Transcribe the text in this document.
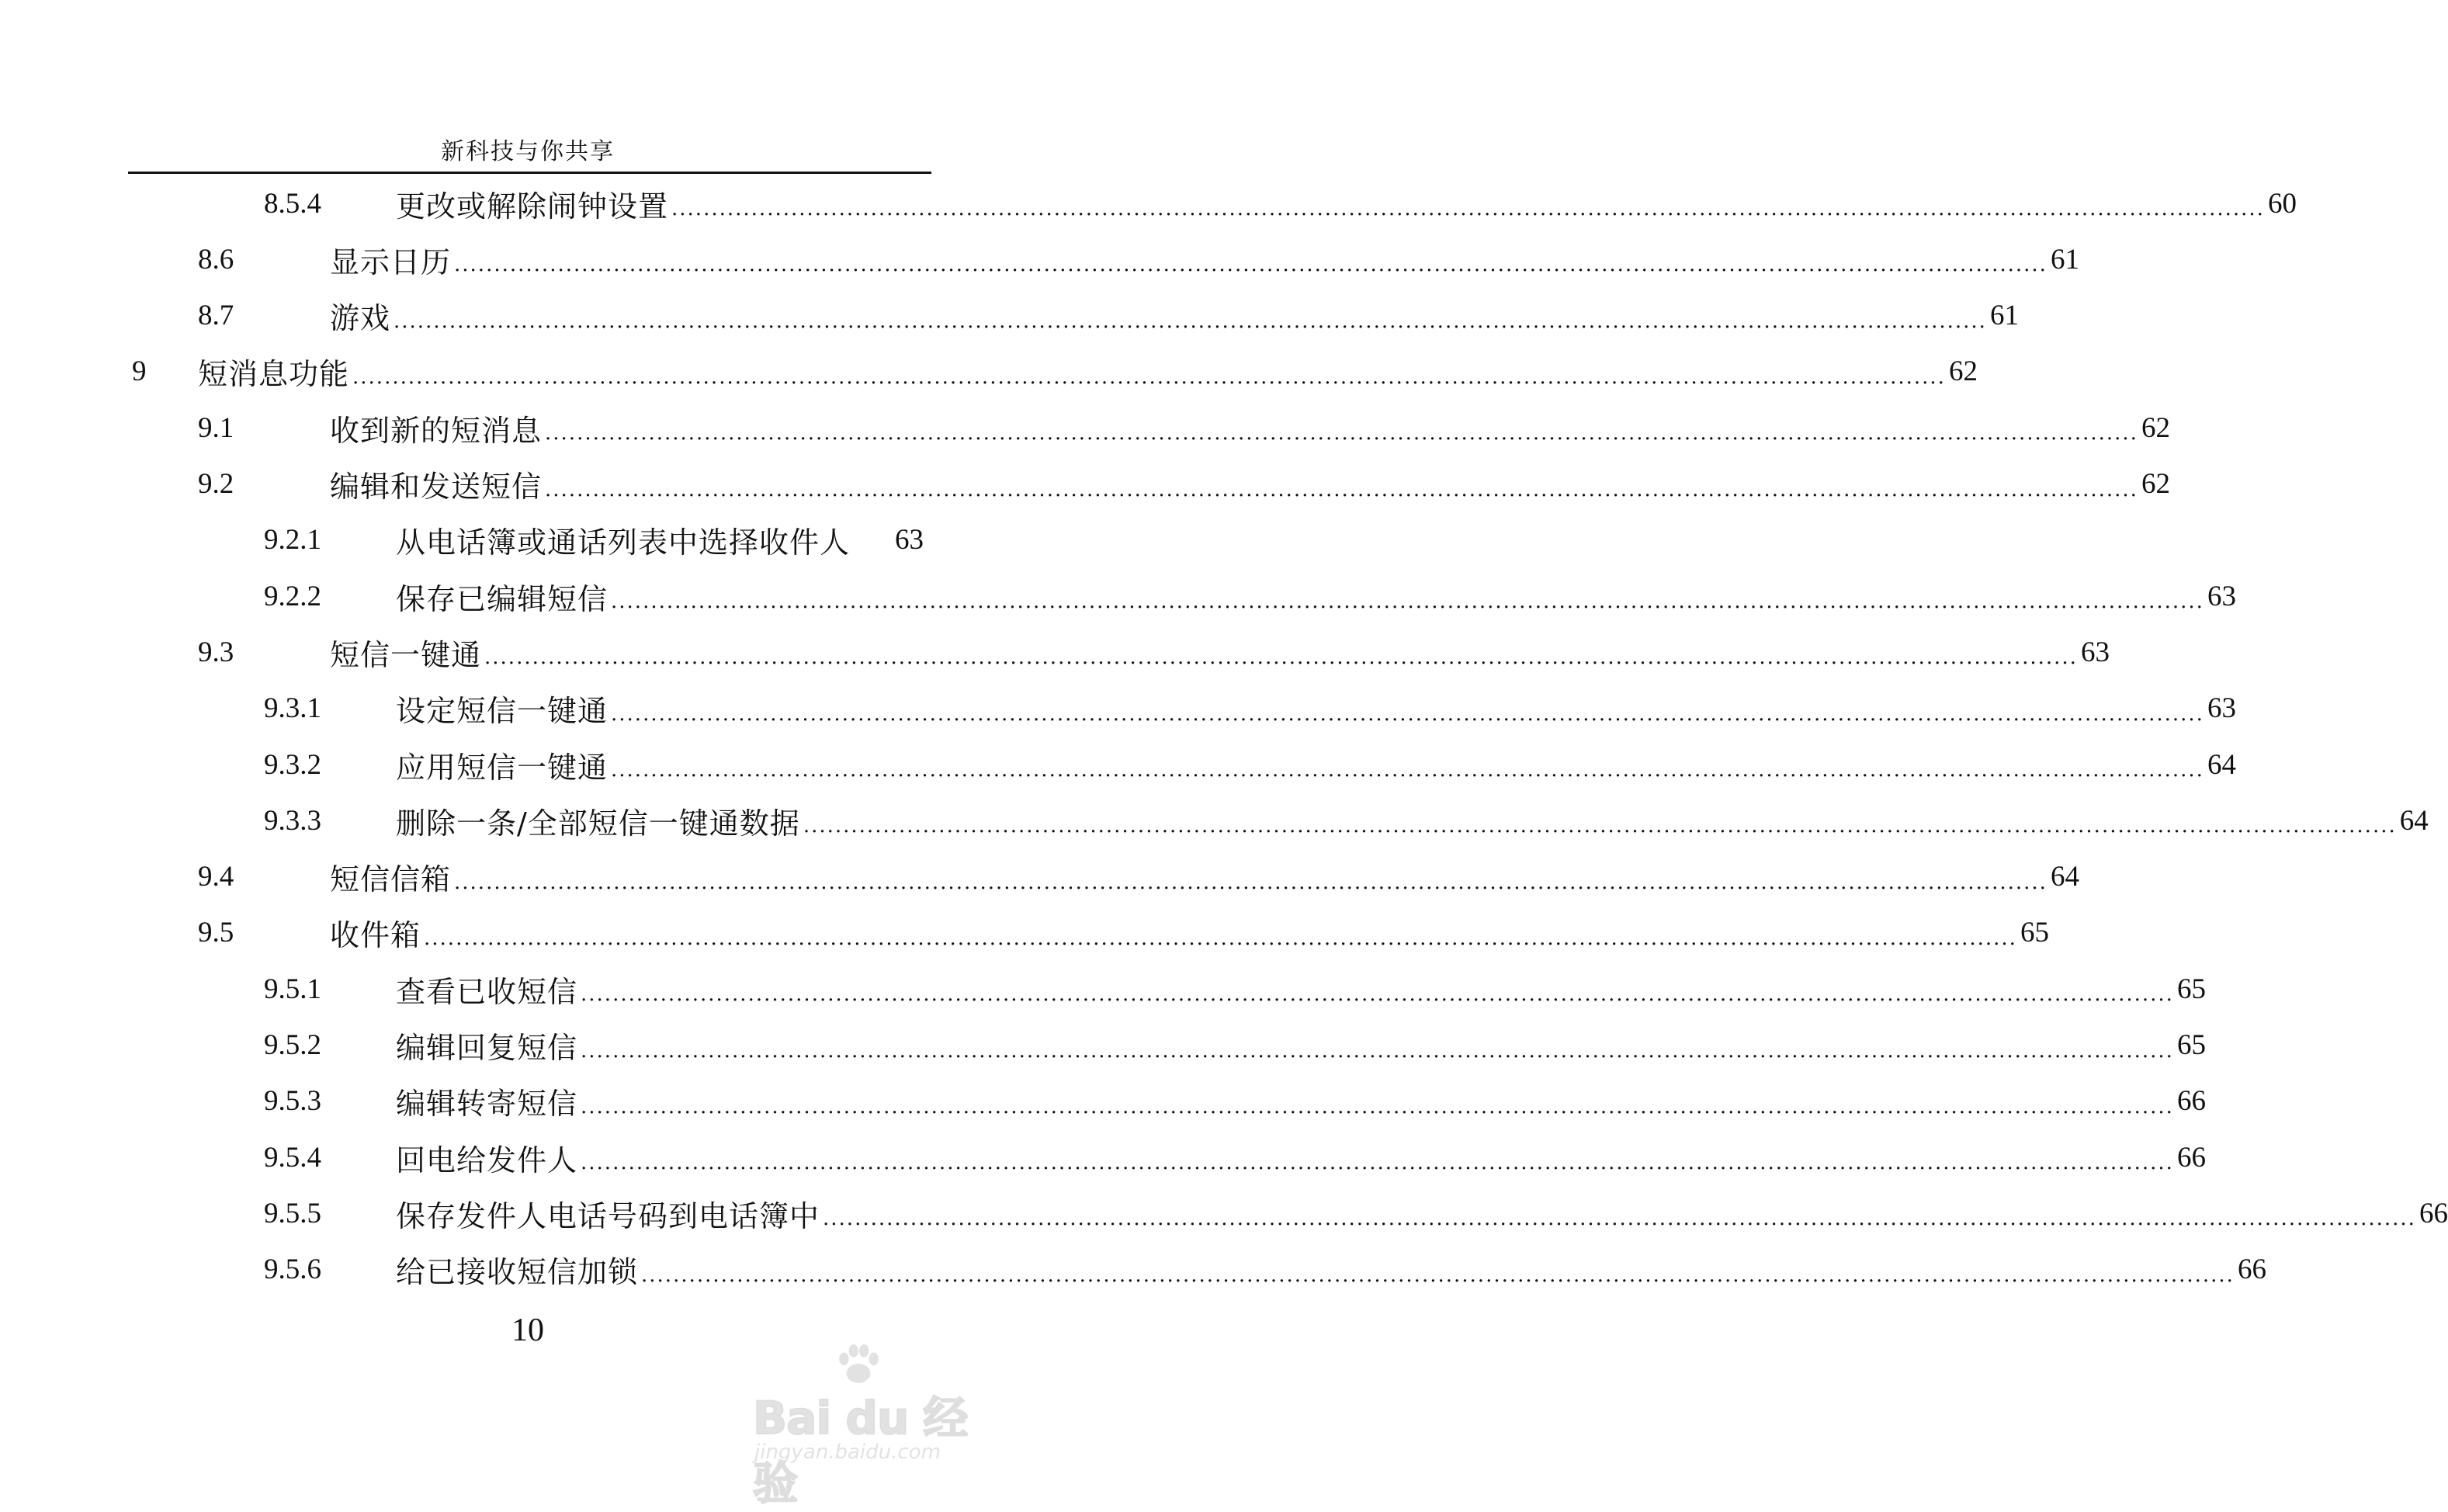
新科技与你共享
8.5.4	更改或解除闹钟设置 ........................................................................................................................................................................................................ 60
8.6	显示日历 ........................................................................................................................................................................................................ 61
8.7	游戏 ........................................................................................................................................................................................................ 61
9	短消息功能 ........................................................................................................................................................................................................ 62
9.1	收到新的短消息 ........................................................................................................................................................................................................ 62
9.2	编辑和发送短信 ........................................................................................................................................................................................................ 62
9.2.1	从电话簿或通话列表中选择收件人 63
9.2.2	保存已编辑短信 ........................................................................................................................................................................................................ 63
9.3	短信一键通 ........................................................................................................................................................................................................ 63
9.3.1	设定短信一键通 ........................................................................................................................................................................................................ 63
9.3.2	应用短信一键通 ........................................................................................................................................................................................................ 64
9.3.3	删除一条/全部短信一键通数据 ........................................................................................................................................................................................................ 64
9.4	短信信箱 ........................................................................................................................................................................................................ 64
9.5	收件箱 ........................................................................................................................................................................................................ 65
9.5.1	查看已收短信 ........................................................................................................................................................................................................ 65
9.5.2	编辑回复短信 ........................................................................................................................................................................................................ 65
9.5.3	编辑转寄短信 ........................................................................................................................................................................................................ 66
9.5.4	回电给发件人 ........................................................................................................................................................................................................ 66
9.5.5	保存发件人电话号码到电话簿中 ........................................................................................................................................................................................................ 66
9.5.6	给已接收短信加锁 ........................................................................................................................................................................................................ 66
10
Bai du 经验
jingyan.baidu.com
